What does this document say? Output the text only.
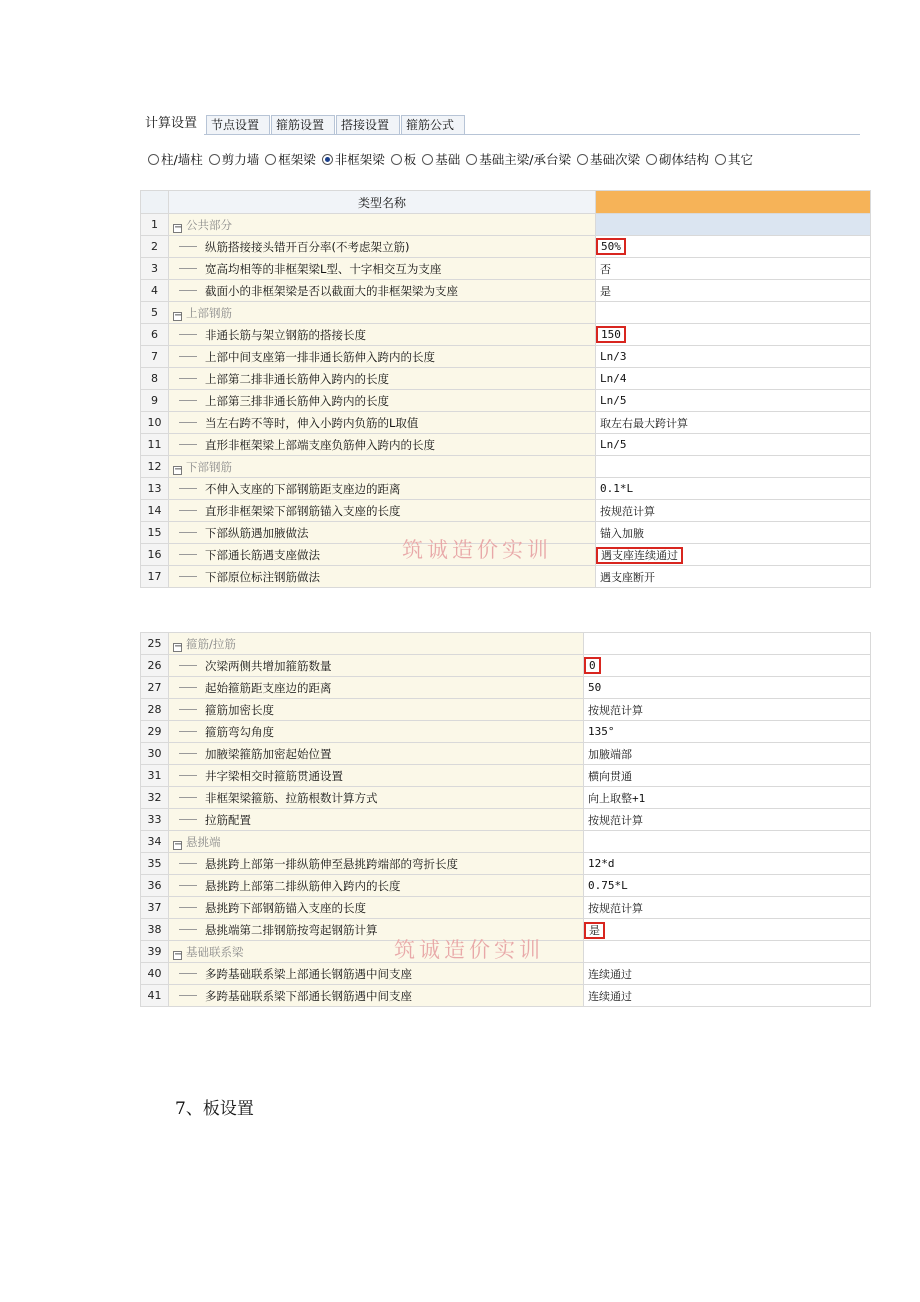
计算设置	节点设置	箍筋设置	搭接设置	箍筋公式
柱/墙柱 剪力墙 框架梁 非框架梁 板 基础 基础主梁/承台梁 基础次梁 砌体结构 其它
	类型名称	
1	− 公共部分	
2	纵筋搭接接头错开百分率(不考虑架立筋)	50%
3	宽高均相等的非框架梁L型、十字相交互为支座	否
4	截面小的非框架梁是否以截面大的非框架梁为支座	是
5	− 上部钢筋	
6	非通长筋与架立钢筋的搭接长度	150
7	上部中间支座第一排非通长筋伸入跨内的长度	Ln/3
8	上部第二排非通长筋伸入跨内的长度	Ln/4
9	上部第三排非通长筋伸入跨内的长度	Ln/5
10	当左右跨不等时，伸入小跨内负筋的L取值	取左右最大跨计算
11	直形非框架梁上部端支座负筋伸入跨内的长度	Ln/5
12	− 下部钢筋	
13	不伸入支座的下部钢筋距支座边的距离	0.1*L
14	直形非框架梁下部钢筋锚入支座的长度	按规范计算
15	下部纵筋遇加腋做法	锚入加腋
16	下部通长筋遇支座做法	遇支座连续通过
17	下部原位标注钢筋做法	遇支座断开
筑诚造价实训
25	− 箍筋/拉筋	
26	次梁两侧共增加箍筋数量	0
27	起始箍筋距支座边的距离	50
28	箍筋加密长度	按规范计算
29	箍筋弯勾角度	135°
30	加腋梁箍筋加密起始位置	加腋端部
31	井字梁相交时箍筋贯通设置	横向贯通
32	非框架梁箍筋、拉筋根数计算方式	向上取整+1
33	拉筋配置	按规范计算
34	− 悬挑端	
35	悬挑跨上部第一排纵筋伸至悬挑跨端部的弯折长度	12*d
36	悬挑跨上部第二排纵筋伸入跨内的长度	0.75*L
37	悬挑跨下部钢筋锚入支座的长度	按规范计算
38	悬挑端第二排钢筋按弯起钢筋计算	是
39	− 基础联系梁	
40	多跨基础联系梁上部通长钢筋遇中间支座	连续通过
41	多跨基础联系梁下部通长钢筋遇中间支座	连续通过
筑诚造价实训
7、板设置
